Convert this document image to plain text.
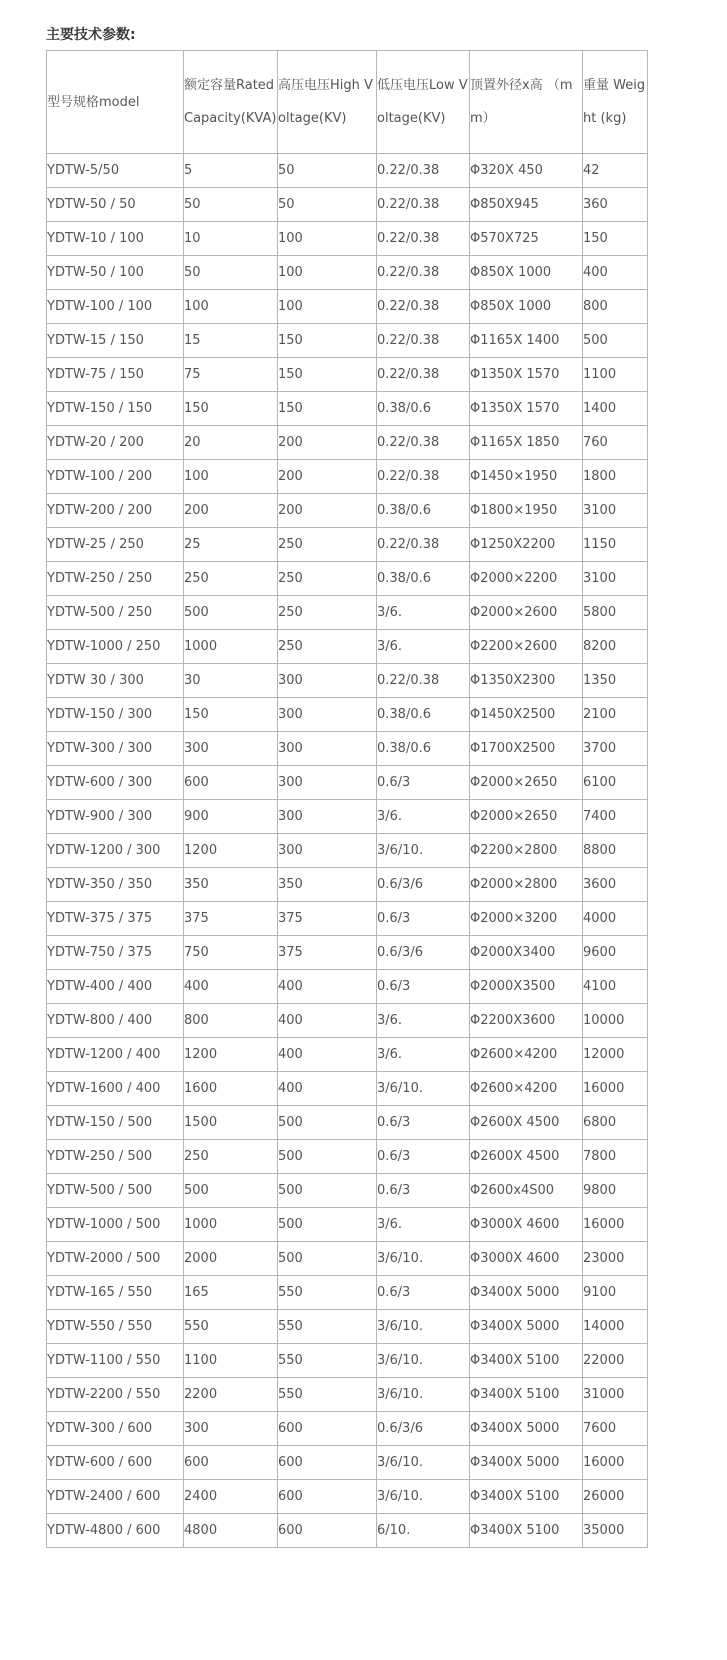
主要技术参数:
型号规格model	额定容量Rated Capacity(KVA)	高压电压High Voltage(KV)	低压电压Low Voltage(KV)	顶置外径x高 （mm）	重量 Weight (kg)
YDTW-5/50	5	50	0.22/0.38	Φ320X 450	42
YDTW-50 / 50	50	50	0.22/0.38	Φ850X945	360
YDTW-10 / 100	10	100	0.22/0.38	Φ570X725	150
YDTW-50 / 100	50	100	0.22/0.38	Φ850X 1000	400
YDTW-100 / 100	100	100	0.22/0.38	Φ850X 1000	800
YDTW-15 / 150	15	150	0.22/0.38	Φ1165X 1400	500
YDTW-75 / 150	75	150	0.22/0.38	Φ1350X 1570	1100
YDTW-150 / 150	150	150	0.38/0.6	Φ1350X 1570	1400
YDTW-20 / 200	20	200	0.22/0.38	Φ1165X 1850	760
YDTW-100 / 200	100	200	0.22/0.38	Φ1450×1950	1800
YDTW-200 / 200	200	200	0.38/0.6	Φ1800×1950	3100
YDTW-25 / 250	25	250	0.22/0.38	Φ1250X2200	1150
YDTW-250 / 250	250	250	0.38/0.6	Φ2000×2200	3100
YDTW-500 / 250	500	250	3/6.	Φ2000×2600	5800
YDTW-1000 / 250	1000	250	3/6.	Φ2200×2600	8200
YDTW 30 / 300	30	300	0.22/0.38	Φ1350X2300	1350
YDTW-150 / 300	150	300	0.38/0.6	Φ1450X2500	2100
YDTW-300 / 300	300	300	0.38/0.6	Φ1700X2500	3700
YDTW-600 / 300	600	300	0.6/3	Φ2000×2650	6100
YDTW-900 / 300	900	300	3/6.	Φ2000×2650	7400
YDTW-1200 / 300	1200	300	3/6/10.	Φ2200×2800	8800
YDTW-350 / 350	350	350	0.6/3/6	Φ2000×2800	3600
YDTW-375 / 375	375	375	0.6/3	Φ2000×3200	4000
YDTW-750 / 375	750	375	0.6/3/6	Φ2000X3400	9600
YDTW-400 / 400	400	400	0.6/3	Φ2000X3500	4100
YDTW-800 / 400	800	400	3/6.	Φ2200X3600	10000
YDTW-1200 / 400	1200	400	3/6.	Φ2600×4200	12000
YDTW-1600 / 400	1600	400	3/6/10.	Φ2600×4200	16000
YDTW-150 / 500	1500	500	0.6/3	Φ2600X 4500	6800
YDTW-250 / 500	250	500	0.6/3	Φ2600X 4500	7800
YDTW-500 / 500	500	500	0.6/3	Φ2600x4S00	9800
YDTW-1000 / 500	1000	500	3/6.	Φ3000X 4600	16000
YDTW-2000 / 500	2000	500	3/6/10.	Φ3000X 4600	23000
YDTW-165 / 550	165	550	0.6/3	Φ3400X 5000	9100
YDTW-550 / 550	550	550	3/6/10.	Φ3400X 5000	14000
YDTW-1100 / 550	1100	550	3/6/10.	Φ3400X 5100	22000
YDTW-2200 / 550	2200	550	3/6/10.	Φ3400X 5100	31000
YDTW-300 / 600	300	600	0.6/3/6	Φ3400X 5000	7600
YDTW-600 / 600	600	600	3/6/10.	Φ3400X 5000	16000
YDTW-2400 / 600	2400	600	3/6/10.	Φ3400X 5100	26000
YDTW-4800 / 600	4800	600	6/10.	Φ3400X 5100	35000
